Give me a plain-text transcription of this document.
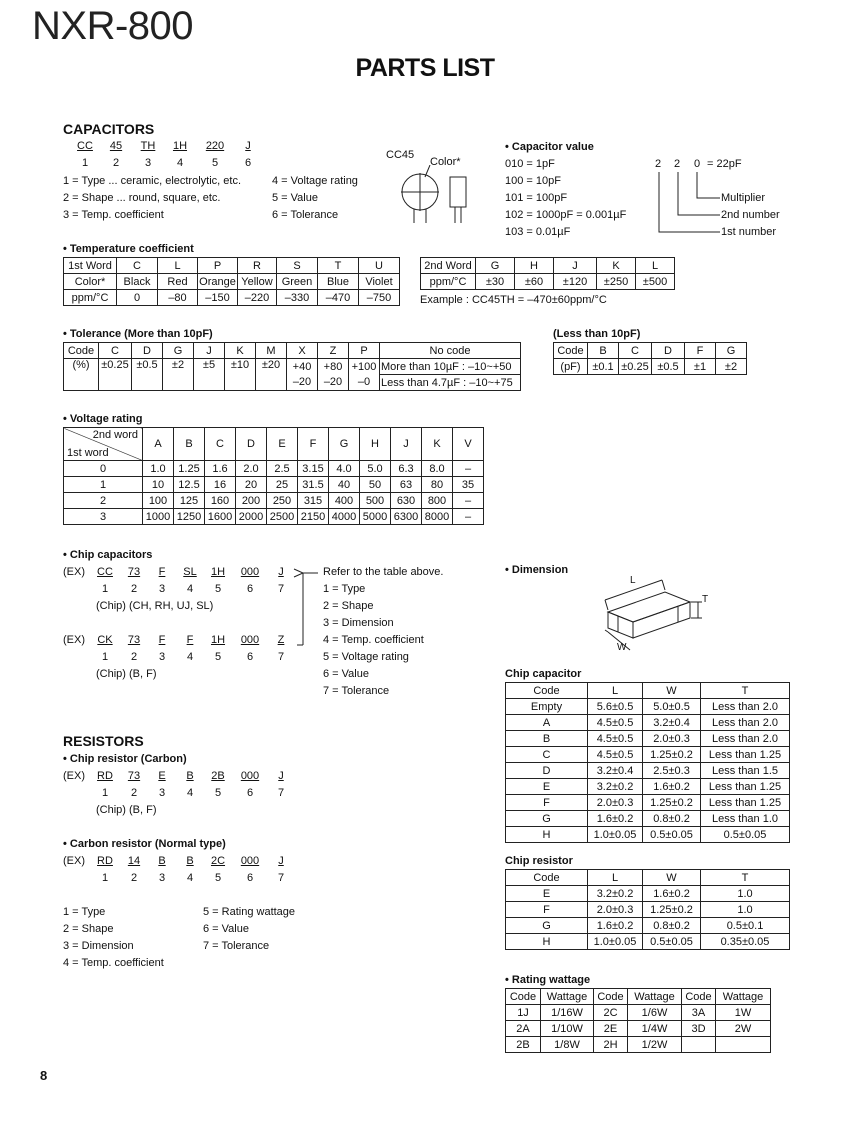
NXR-800
PARTS LIST
CAPACITORS
CC	45	TH	1H	220	J
1	2	3	4	5	6
1 = Type ... ceramic, electrolytic, etc.
2 = Shape ... round, square, etc.
3 = Temp. coefficient
4 = Voltage rating
5 = Value
6 = Tolerance
CC45
Color*
• Capacitor value
010 = 1pF
100 = 10pF
101 = 100pF
102 = 1000pF = 0.001µF
103 = 0.01µF
2 2 0 = 22pF
Multiplier
2nd number
1st number
• Temperature coefficient
1st Word	C	L	P	R	S	T	U
Color*	Black	Red	Orange	Yellow	Green	Blue	Violet
ppm/°C	0	–80	–150	–220	–330	–470	–750
2nd Word	G	H	J	K	L
ppm/°C	±30	±60	±120	±250	±500
Example : CC45TH = –470±60ppm/°C
• Tolerance (More than 10pF)
Code	C	D	G	J	K	M	X	Z	P	No code
(%)	±0.25	±0.5	±2	±5	±10	±20	+40	+80	+100	More than 10µF : –10~+50
							–20	–20	–0	Less than 4.7µF : –10~+75
(Less than 10pF)
Code	B	C	D	F	G
(pF)	±0.1	±0.25	±0.5	±1	±2
• Voltage rating
2nd word
1st word	A	B	C	D	E	F	G	H	J	K	V
0	1.0	1.25	1.6	2.0	2.5	3.15	4.0	5.0	6.3	8.0	–
1	10	12.5	16	20	25	31.5	40	50	63	80	35
2	100	125	160	200	250	315	400	500	630	800	–
3	1000	1250	1600	2000	2500	2150	4000	5000	6300	8000	–
• Chip capacitors
(EX)	CC	73	F	SL	1H	000	J
1	2	3	4	5	6	7
(Chip) (CH, RH, UJ, SL)
(EX)	CK	73	F	F	1H	000	Z
1	2	3	4	5	6	7
(Chip) (B, F)
Refer to the table above.
1 = Type
2 = Shape
3 = Dimension
4 = Temp. coefficient
5 = Voltage rating
6 = Value
7 = Tolerance
• Dimension
L
T
W
Chip capacitor
Code	L	W	T
Empty	5.6±0.5	5.0±0.5	Less than 2.0
A	4.5±0.5	3.2±0.4	Less than 2.0
B	4.5±0.5	2.0±0.3	Less than 2.0
C	4.5±0.5	1.25±0.2	Less than 1.25
D	3.2±0.4	2.5±0.3	Less than 1.5
E	3.2±0.2	1.6±0.2	Less than 1.25
F	2.0±0.3	1.25±0.2	Less than 1.25
G	1.6±0.2	0.8±0.2	Less than 1.0
H	1.0±0.05	0.5±0.05	0.5±0.05
Chip resistor
Code	L	W	T
E	3.2±0.2	1.6±0.2	1.0
F	2.0±0.3	1.25±0.2	1.0
G	1.6±0.2	0.8±0.2	0.5±0.1
H	1.0±0.05	0.5±0.05	0.35±0.05
RESISTORS
• Chip resistor (Carbon)
(EX)	RD	73	E	B	2B	000	J
1	2	3	4	5	6	7
(Chip) (B, F)
• Carbon resistor (Normal type)
(EX)	RD	14	B	B	2C	000	J
1	2	3	4	5	6	7
1 = Type
2 = Shape
3 = Dimension
4 = Temp. coefficient
5 = Rating wattage
6 = Value
7 = Tolerance
• Rating wattage
Code	Wattage	Code	Wattage	Code	Wattage
1J	1/16W	2C	1/6W	3A	1W
2A	1/10W	2E	1/4W	3D	2W
2B	1/8W	2H	1/2W		
8
